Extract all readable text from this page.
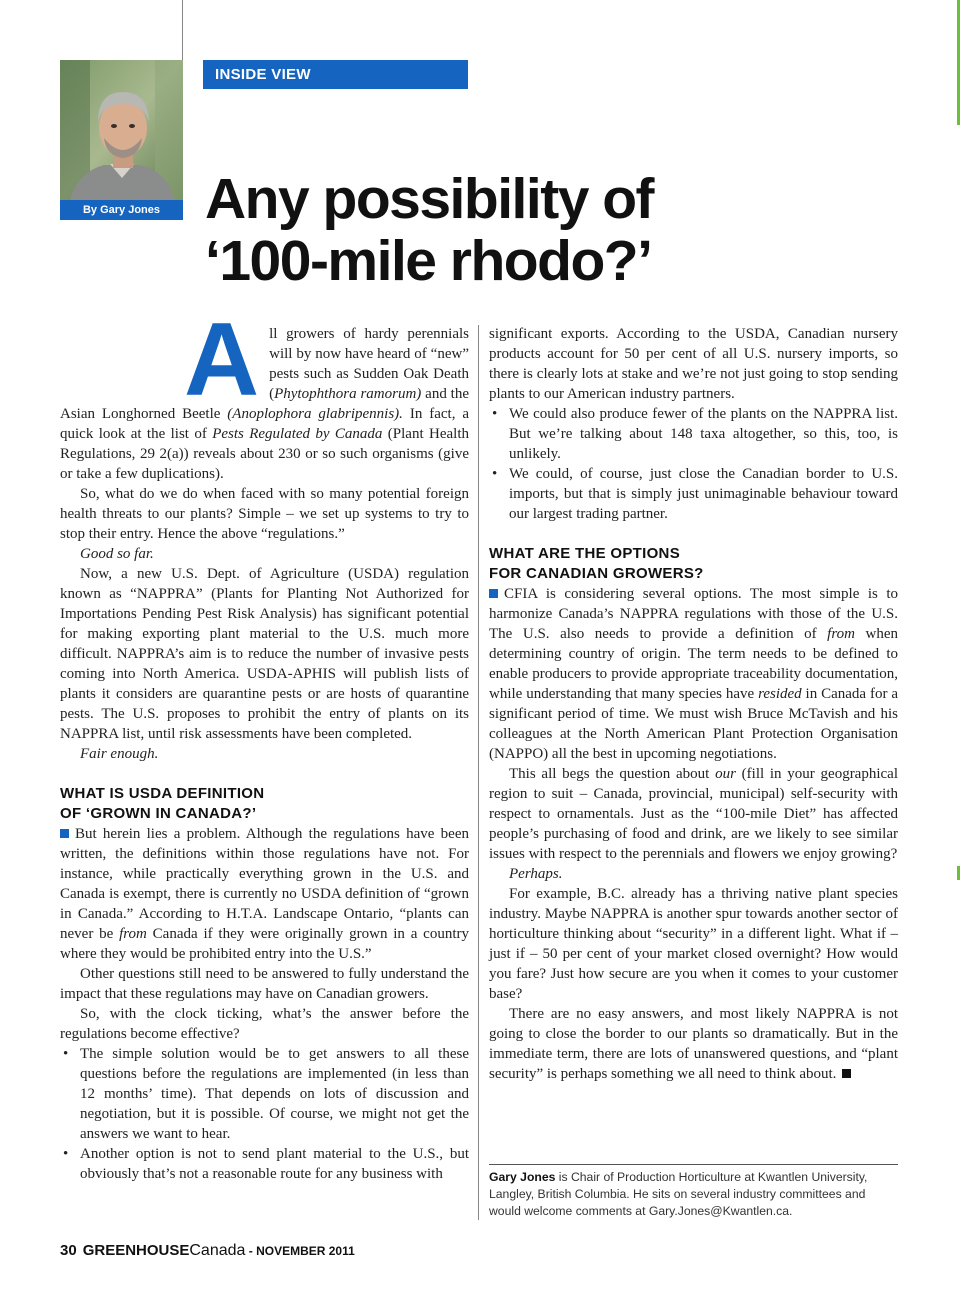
By Gary Jones
INSIDE VIEW
Any possibility of
‘100-mile rhodo?’

All growers of hardy perennials will by now have heard of “new” pests such as Sudden Oak Death (Phytophthora ramorum) and the Asian Longhorned Beetle (Anoplophora glabripennis). In fact, a quick look at the list of Pests Regulated by Canada (Plant Health Regulations, 29 2(a)) reveals about 230 or so such organisms (give or take a few duplications).

So, what do we do when faced with so many potential foreign health threats to our plants? Simple – we set up systems to try to stop their entry. Hence the above “regulations.”

Good so far.

Now, a new U.S. Dept. of Agriculture (USDA) regulation known as “NAPPRA” (Plants for Planting Not Authorized for Importations Pending Pest Risk Analysis) has significant potential for making exporting plant material to the U.S. much more difficult. NAPPRA’s aim is to reduce the number of invasive pests coming into North America. USDA-APHIS will publish lists of plants it considers are quarantine pests or are hosts of quarantine pests. The U.S. proposes to prohibit the entry of plants on its NAPPRA list, until risk assessments have been completed.

Fair enough.

WHAT IS USDA DEFINITION
OF ‘GROWN IN CANADA?’

But herein lies a problem. Although the regulations have been written, the definitions within those regulations have not. For instance, while practically everything grown in the U.S. and Canada is exempt, there is currently no USDA definition of “grown in Canada.” According to H.T.A. Landscape Ontario, “plants can never be from Canada if they were originally grown in a country where they would be prohibited entry into the U.S.”

Other questions still need to be answered to fully understand the impact that these regulations may have on Canadian growers.

So, with the clock ticking, what’s the answer before the regulations become effective?

• The simple solution would be to get answers to all these questions before the regulations are implemented (in less than 12 months’ time). That depends on lots of discussion and negotiation, but it is possible. Of course, we might not get the answers we want to hear.
• Another option is not to send plant material to the U.S., but obviously that’s not a reasonable route for any business with

significant exports. According to the USDA, Canadian nursery products account for 50 per cent of all U.S. nursery imports, so there is clearly lots at stake and we’re not just going to stop sending plants to our American industry partners.

• We could also produce fewer of the plants on the NAPPRA list. But we’re talking about 148 taxa altogether, so this, too, is unlikely.
• We could, of course, just close the Canadian border to U.S. imports, but that is simply just unimaginable behaviour toward our largest trading partner.

WHAT ARE THE OPTIONS
FOR CANADIAN GROWERS?

CFIA is considering several options. The most simple is to harmonize Canada’s NAPPRA regulations with those of the U.S. The U.S. also needs to provide a definition of from when determining country of origin. The term needs to be defined to enable producers to provide appropriate traceability documentation, while understanding that many species have resided in Canada for a significant period of time. We must wish Bruce McTavish and his colleagues at the North American Plant Protection Organisation (NAPPO) all the best in upcoming negotiations.

This all begs the question about our (fill in your geographical region to suit – Canada, provincial, municipal) self-security with respect to ornamentals. Just as the “100-mile Diet” has affected people’s purchasing of food and drink, are we likely to see similar issues with respect to the perennials and flowers we enjoy growing?

Perhaps.

For example, B.C. already has a thriving native plant species industry. Maybe NAPPRA is another spur towards another sector of horticulture thinking about “security” in a different light. What if – just if – 50 per cent of your market closed overnight? How would you fare? Just how secure are you when it comes to your customer base?

There are no easy answers, and most likely NAPPRA is not going to close the border to our plants so dramatically. But in the immediate term, there are lots of unanswered questions, and “plant security” is perhaps something we all need to think about.

Gary Jones is Chair of Production Horticulture at Kwantlen University, Langley, British Columbia. He sits on several industry committees and would welcome comments at Gary.Jones@Kwantlen.ca.
30 GREENHOUSECanada - NOVEMBER 2011
